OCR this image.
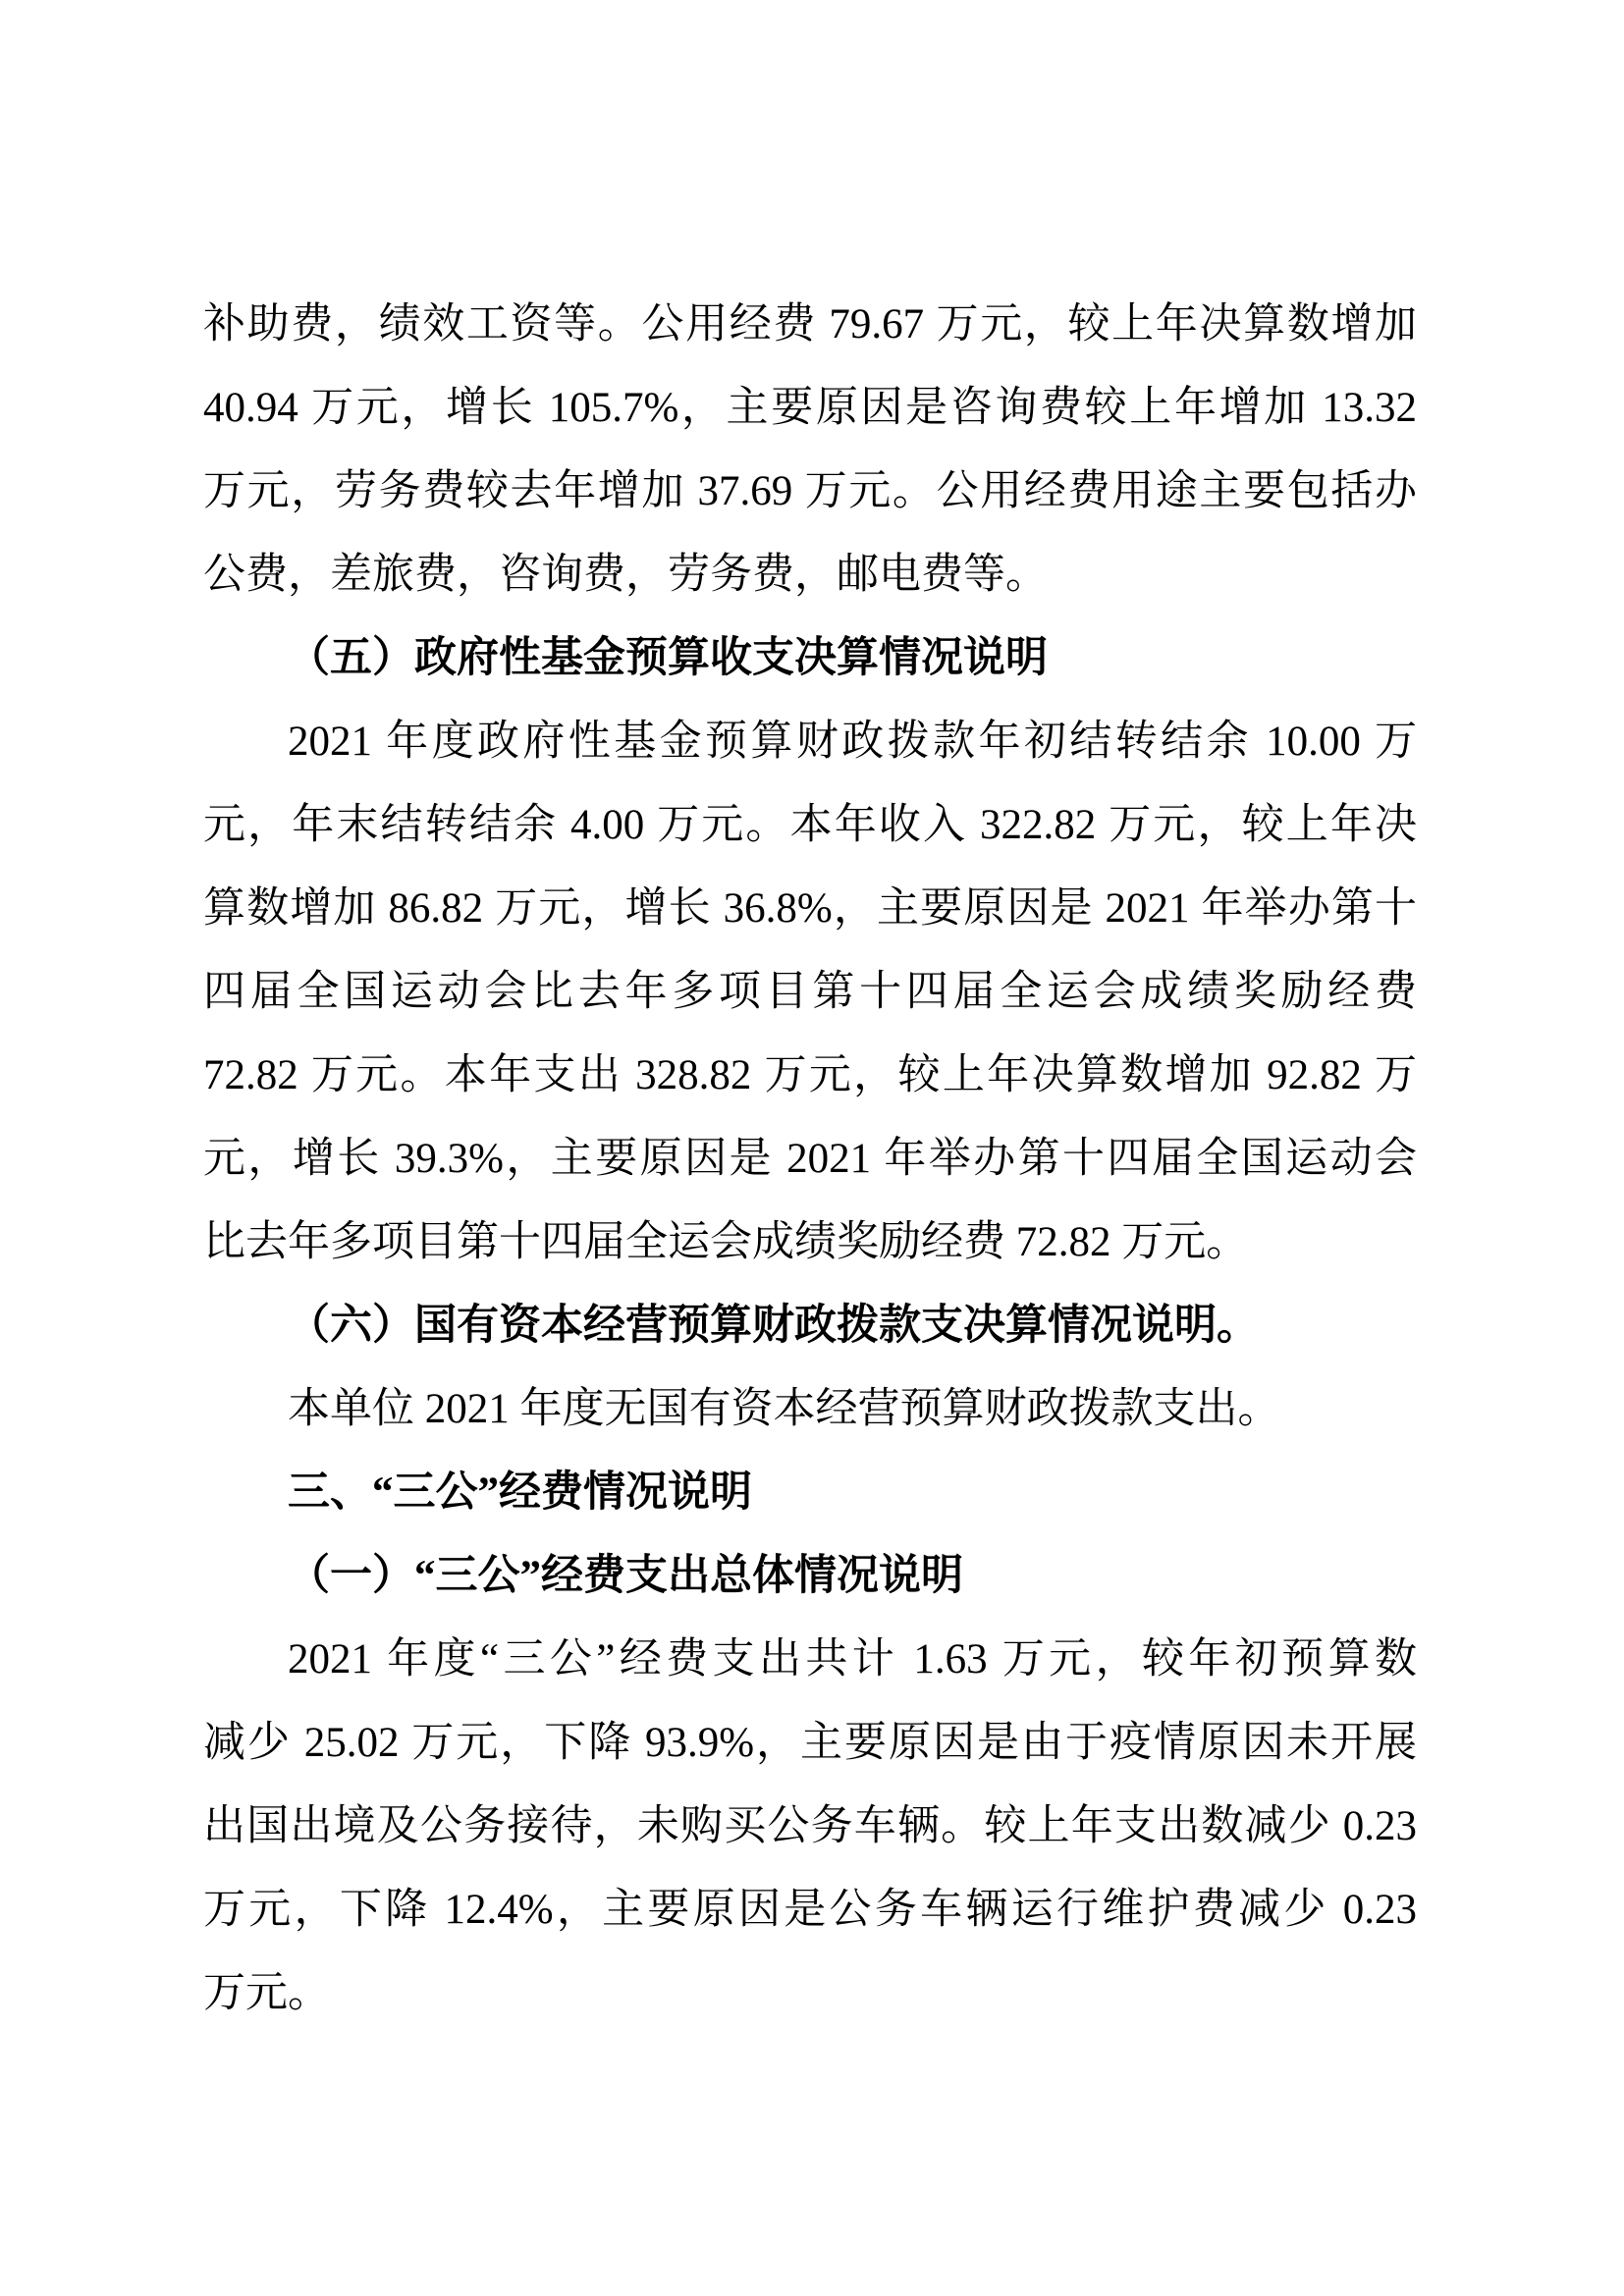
补助费，绩效工资等。公用经费 79.67 万元，较上年决算数增加
40.94 万元，增长 105.7%，主要原因是咨询费较上年增加 13.32
万元，劳务费较去年增加 37.69 万元。公用经费用途主要包括办
公费，差旅费，咨询费，劳务费，邮电费等。
（五）政府性基金预算收支决算情况说明
2021 年度政府性基金预算财政拨款年初结转结余 10.00 万
元，年末结转结余 4.00 万元。本年收入 322.82 万元，较上年决
算数增加 86.82 万元，增长 36.8%，主要原因是 2021 年举办第十
四届全国运动会比去年多项目第十四届全运会成绩奖励经费
72.82 万元。本年支出 328.82 万元，较上年决算数增加 92.82 万
元，增长 39.3%，主要原因是 2021 年举办第十四届全国运动会
比去年多项目第十四届全运会成绩奖励经费 72.82 万元。
（六）国有资本经营预算财政拨款支决算情况说明。
本单位 2021 年度无国有资本经营预算财政拨款支出。
三、“三公”经费情况说明
（一）“三公”经费支出总体情况说明
2021 年度“三公”经费支出共计 1.63 万元，较年初预算数
减少 25.02 万元，下降 93.9%，主要原因是由于疫情原因未开展
出国出境及公务接待，未购买公务车辆。较上年支出数减少 0.23
万元，下降 12.4%，主要原因是公务车辆运行维护费减少 0.23
万元。
